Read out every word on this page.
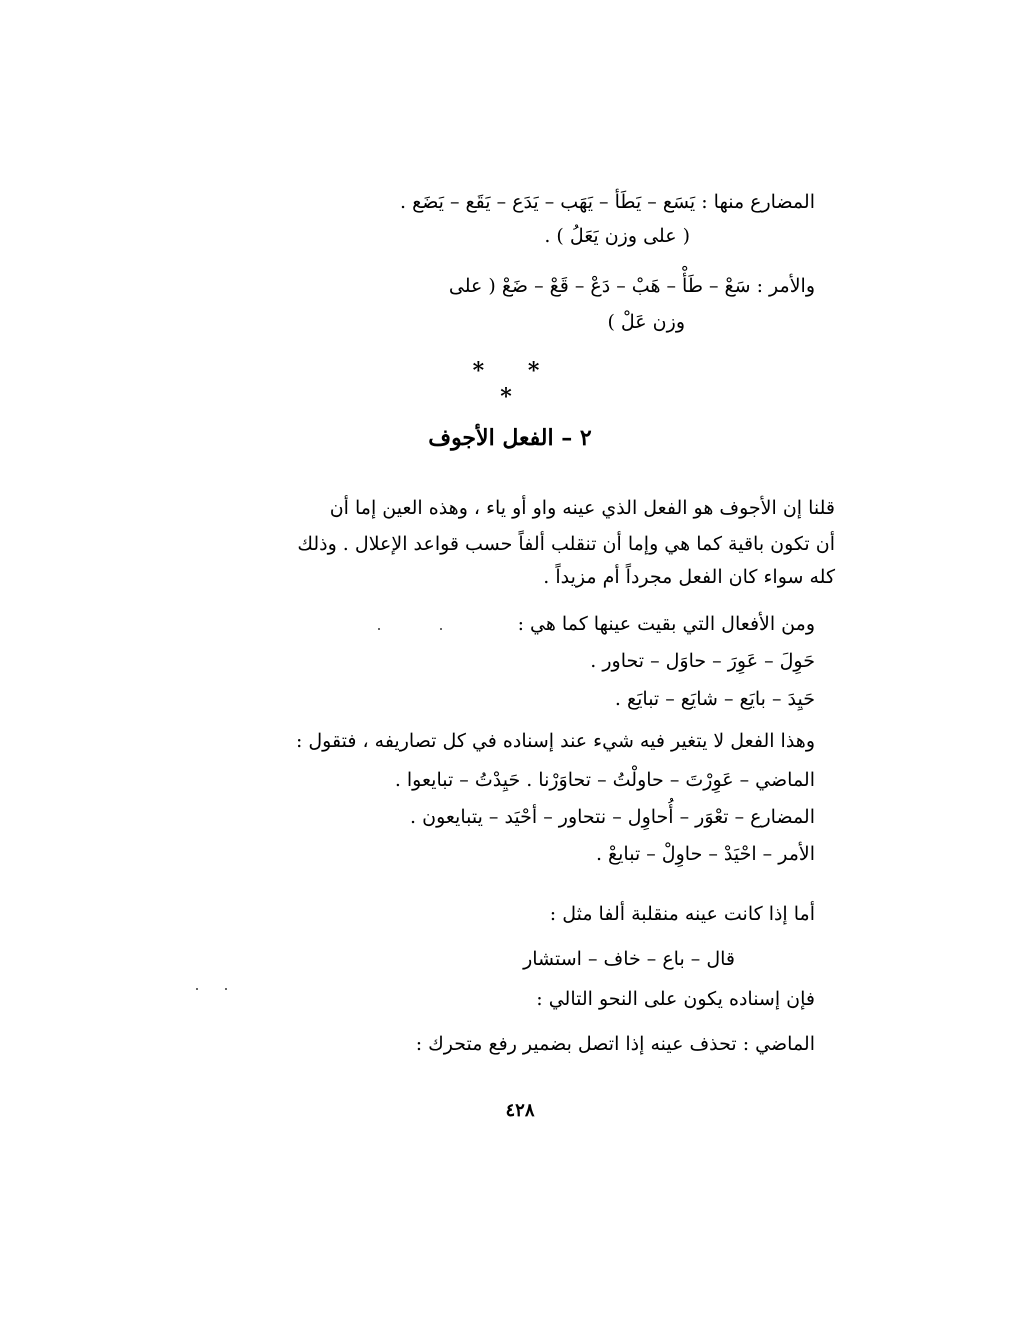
المضارع منها : يَسَع – يَطَأ – يَهَب – يَدَع – يَقَع – يَضَع .
( على وزن يَعَلُ ) .
والأمر : سَعْ – طَأْ – هَبْ – دَعْ – قَعْ – ضَعْ ( على
وزن عَلْ )
* * *
٢ – الفعل الأجوف
قلنا إن الأجوف هو الفعل الذي عينه واو أو ياء ، وهذه العين إما أن
أن تكون باقية كما هي وإما أن تنقلب ألفاً حسب قواعد الإعلال . وذلك
كله سواء كان الفعل مجرداً أم مزيداً .
ومن الأفعال التي بقيت عينها كما هي :
حَوِلَ – عَوِرَ – حاوَل – تحاور .
حَيِدَ – بايَع – شايَع – تبايَع .
وهذا الفعل لا يتغير فيه شيء عند إسناده في كل تصاريفه ، فتقول :
الماضي – عَوِرْتَ – حاولْتُ – تحاوَرْنا . حَيِدْتُ – تبايعوا .
المضارع – تعْوَر – أُحاوِل – نتحاور – أحْيَد – يتبايعون .
الأمر – احْيَدْ – حاوِلْ – تبايعْ .
أما إذا كانت عينه منقلبة ألفا مثل :
قال – باع – خاف – استشار
فإن إسناده يكون على النحو التالي :
الماضي : تحذف عينه إذا اتصل بضمير رفع متحرك :
٤٢٨
